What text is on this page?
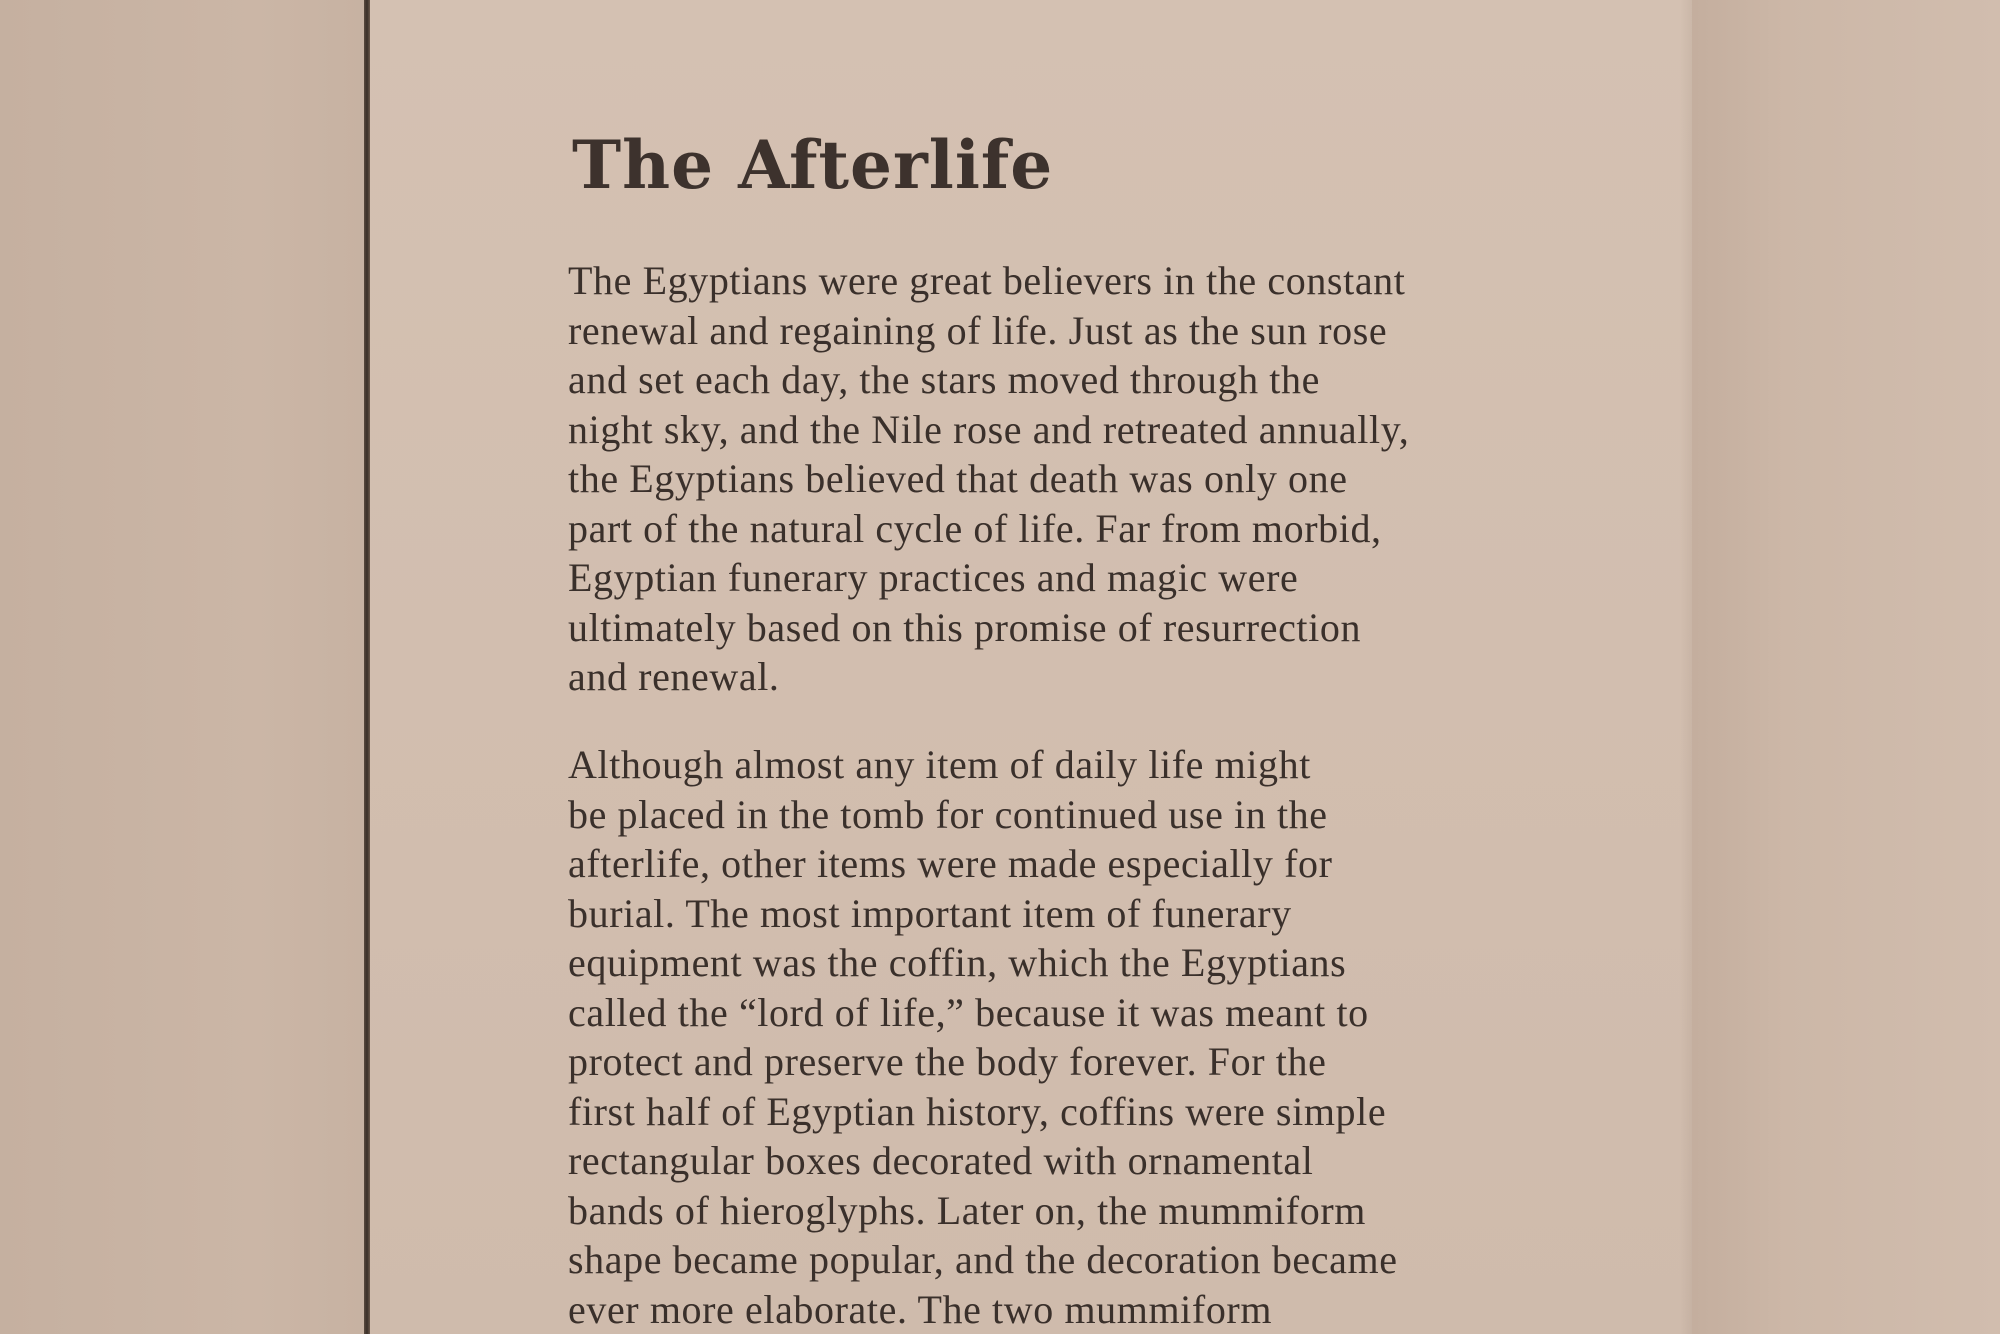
The Afterlife

The Egyptians were great believers in the constant
renewal and regaining of life. Just as the sun rose
and set each day, the stars moved through the
night sky, and the Nile rose and retreated annually,
the Egyptians believed that death was only one
part of the natural cycle of life. Far from morbid,
Egyptian funerary practices and magic were
ultimately based on this promise of resurrection
and renewal.

Although almost any item of daily life might
be placed in the tomb for continued use in the
afterlife, other items were made especially for
burial. The most important item of funerary
equipment was the coffin, which the Egyptians
called the “lord of life,” because it was meant to
protect and preserve the body forever. For the
first half of Egyptian history, coffins were simple
rectangular boxes decorated with ornamental
bands of hieroglyphs. Later on, the mummiform
shape became popular, and the decoration became
ever more elaborate. The two mummiform
